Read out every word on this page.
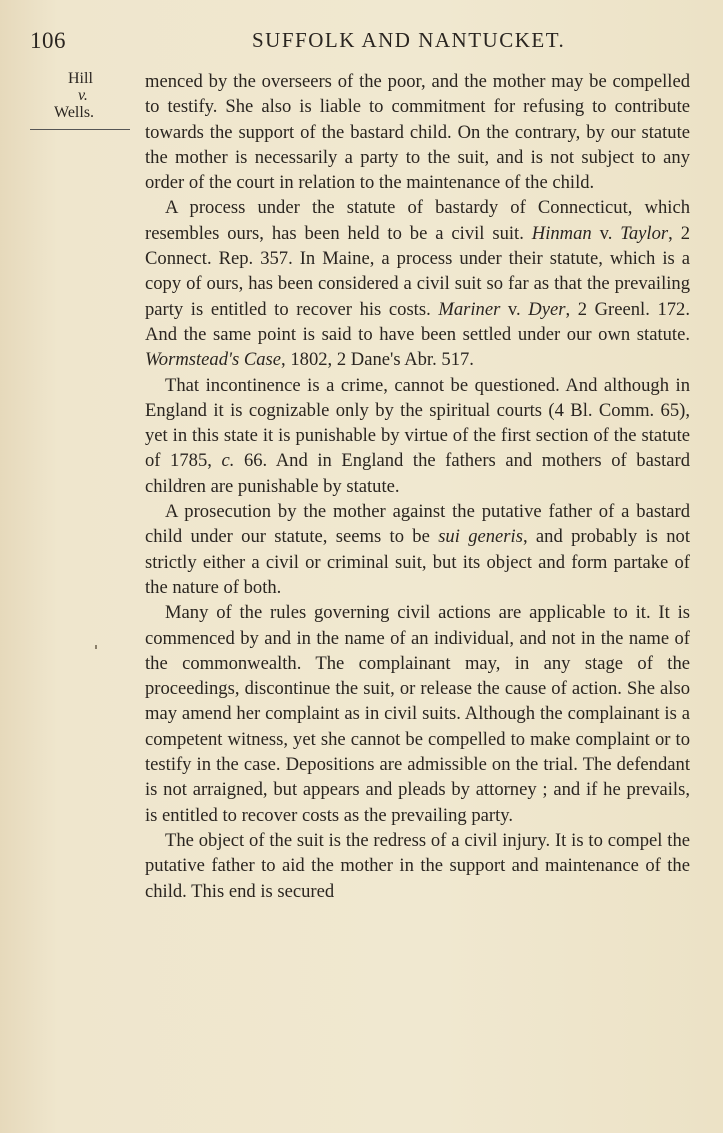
106	SUFFOLK AND NANTUCKET.
Hill
v.
Wells.

menced by the overseers of the poor, and the mother may be compelled to testify. She also is liable to commitment for refusing to contribute towards the support of the bastard child. On the contrary, by our statute the mother is necessarily a party to the suit, and is not subject to any order of the court in relation to the maintenance of the child.

A process under the statute of bastardy of Connecticut, which resembles ours, has been held to be a civil suit. Hinman v. Taylor, 2 Connect. Rep. 357. In Maine, a process under their statute, which is a copy of ours, has been considered a civil suit so far as that the prevailing party is entitled to recover his costs. Mariner v. Dyer, 2 Greenl. 172. And the same point is said to have been settled under our own statute. Wormstead's Case, 1802, 2 Dane's Abr. 517.

That incontinence is a crime, cannot be questioned. And although in England it is cognizable only by the spiritual courts (4 Bl. Comm. 65), yet in this state it is punishable by virtue of the first section of the statute of 1785, c. 66. And in England the fathers and mothers of bastard children are punishable by statute.

A prosecution by the mother against the putative father of a bastard child under our statute, seems to be sui generis, and probably is not strictly either a civil or criminal suit, but its object and form partake of the nature of both.

Many of the rules governing civil actions are applicable to it. It is commenced by and in the name of an individual, and not in the name of the commonwealth. The complainant may, in any stage of the proceedings, discontinue the suit, or release the cause of action. She also may amend her complaint as in civil suits. Although the complainant is a competent witness, yet she cannot be compelled to make complaint or to testify in the case. Depositions are admissible on the trial. The defendant is not arraigned, but appears and pleads by attorney ; and if he prevails, is entitled to recover costs as the prevailing party.

The object of the suit is the redress of a civil injury. It is to compel the putative father to aid the mother in the support and maintenance of the child. This end is secured
